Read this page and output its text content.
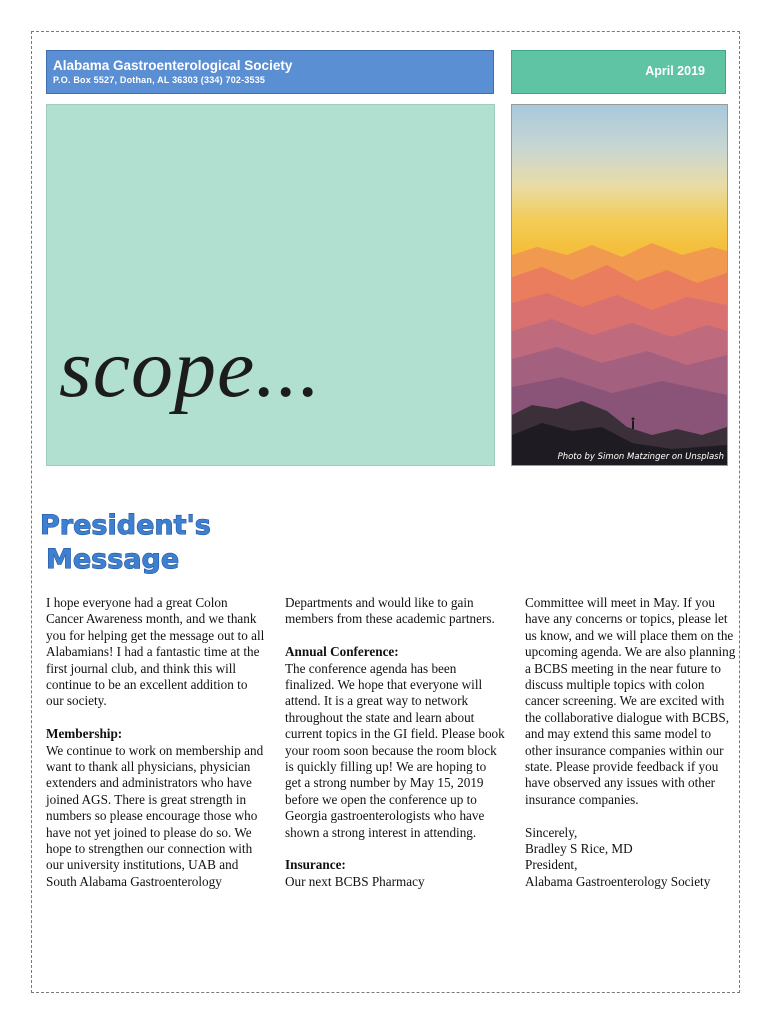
Alabama Gastroenterological Society
P.O. Box 5527, Dothan, AL 36303 (334) 702-3535
April 2019
scope...
Photo by Simon Matzinger on Unsplash
President's
Message

I hope everyone had a great Colon Cancer Awareness month, and we thank you for helping get the message out to all Alabamians! I had a fantastic time at the first journal club, and think this will continue to be an excellent addition to our society.

Membership:
We continue to work on membership and want to thank all physicians, physician extenders and administrators who have joined AGS. There is great strength in numbers so please encourage those who have not yet joined to please do so. We hope to strengthen our connection with our university institutions, UAB and South Alabama Gastroenterology

Departments and would like to gain members from these academic partners.

Annual Conference:
The conference agenda has been finalized. We hope that everyone will attend. It is a great way to network throughout the state and learn about current topics in the GI field. Please book your room soon because the room block is quickly filling up! We are hoping to get a strong number by May 15, 2019 before we open the conference up to Georgia gastroenterologists who have shown a strong interest in attending.

Insurance:
Our next BCBS Pharmacy

Committee will meet in May. If you have any concerns or topics, please let us know, and we will place them on the upcoming agenda. We are also planning a BCBS meeting in the near future to discuss multiple topics with colon cancer screening. We are excited with the collaborative dialogue with BCBS, and may extend this same model to other insurance companies within our state. Please provide feedback if you have observed any issues with other insurance companies.

Sincerely,
Bradley S Rice, MD
President,
Alabama Gastroenterology Society
